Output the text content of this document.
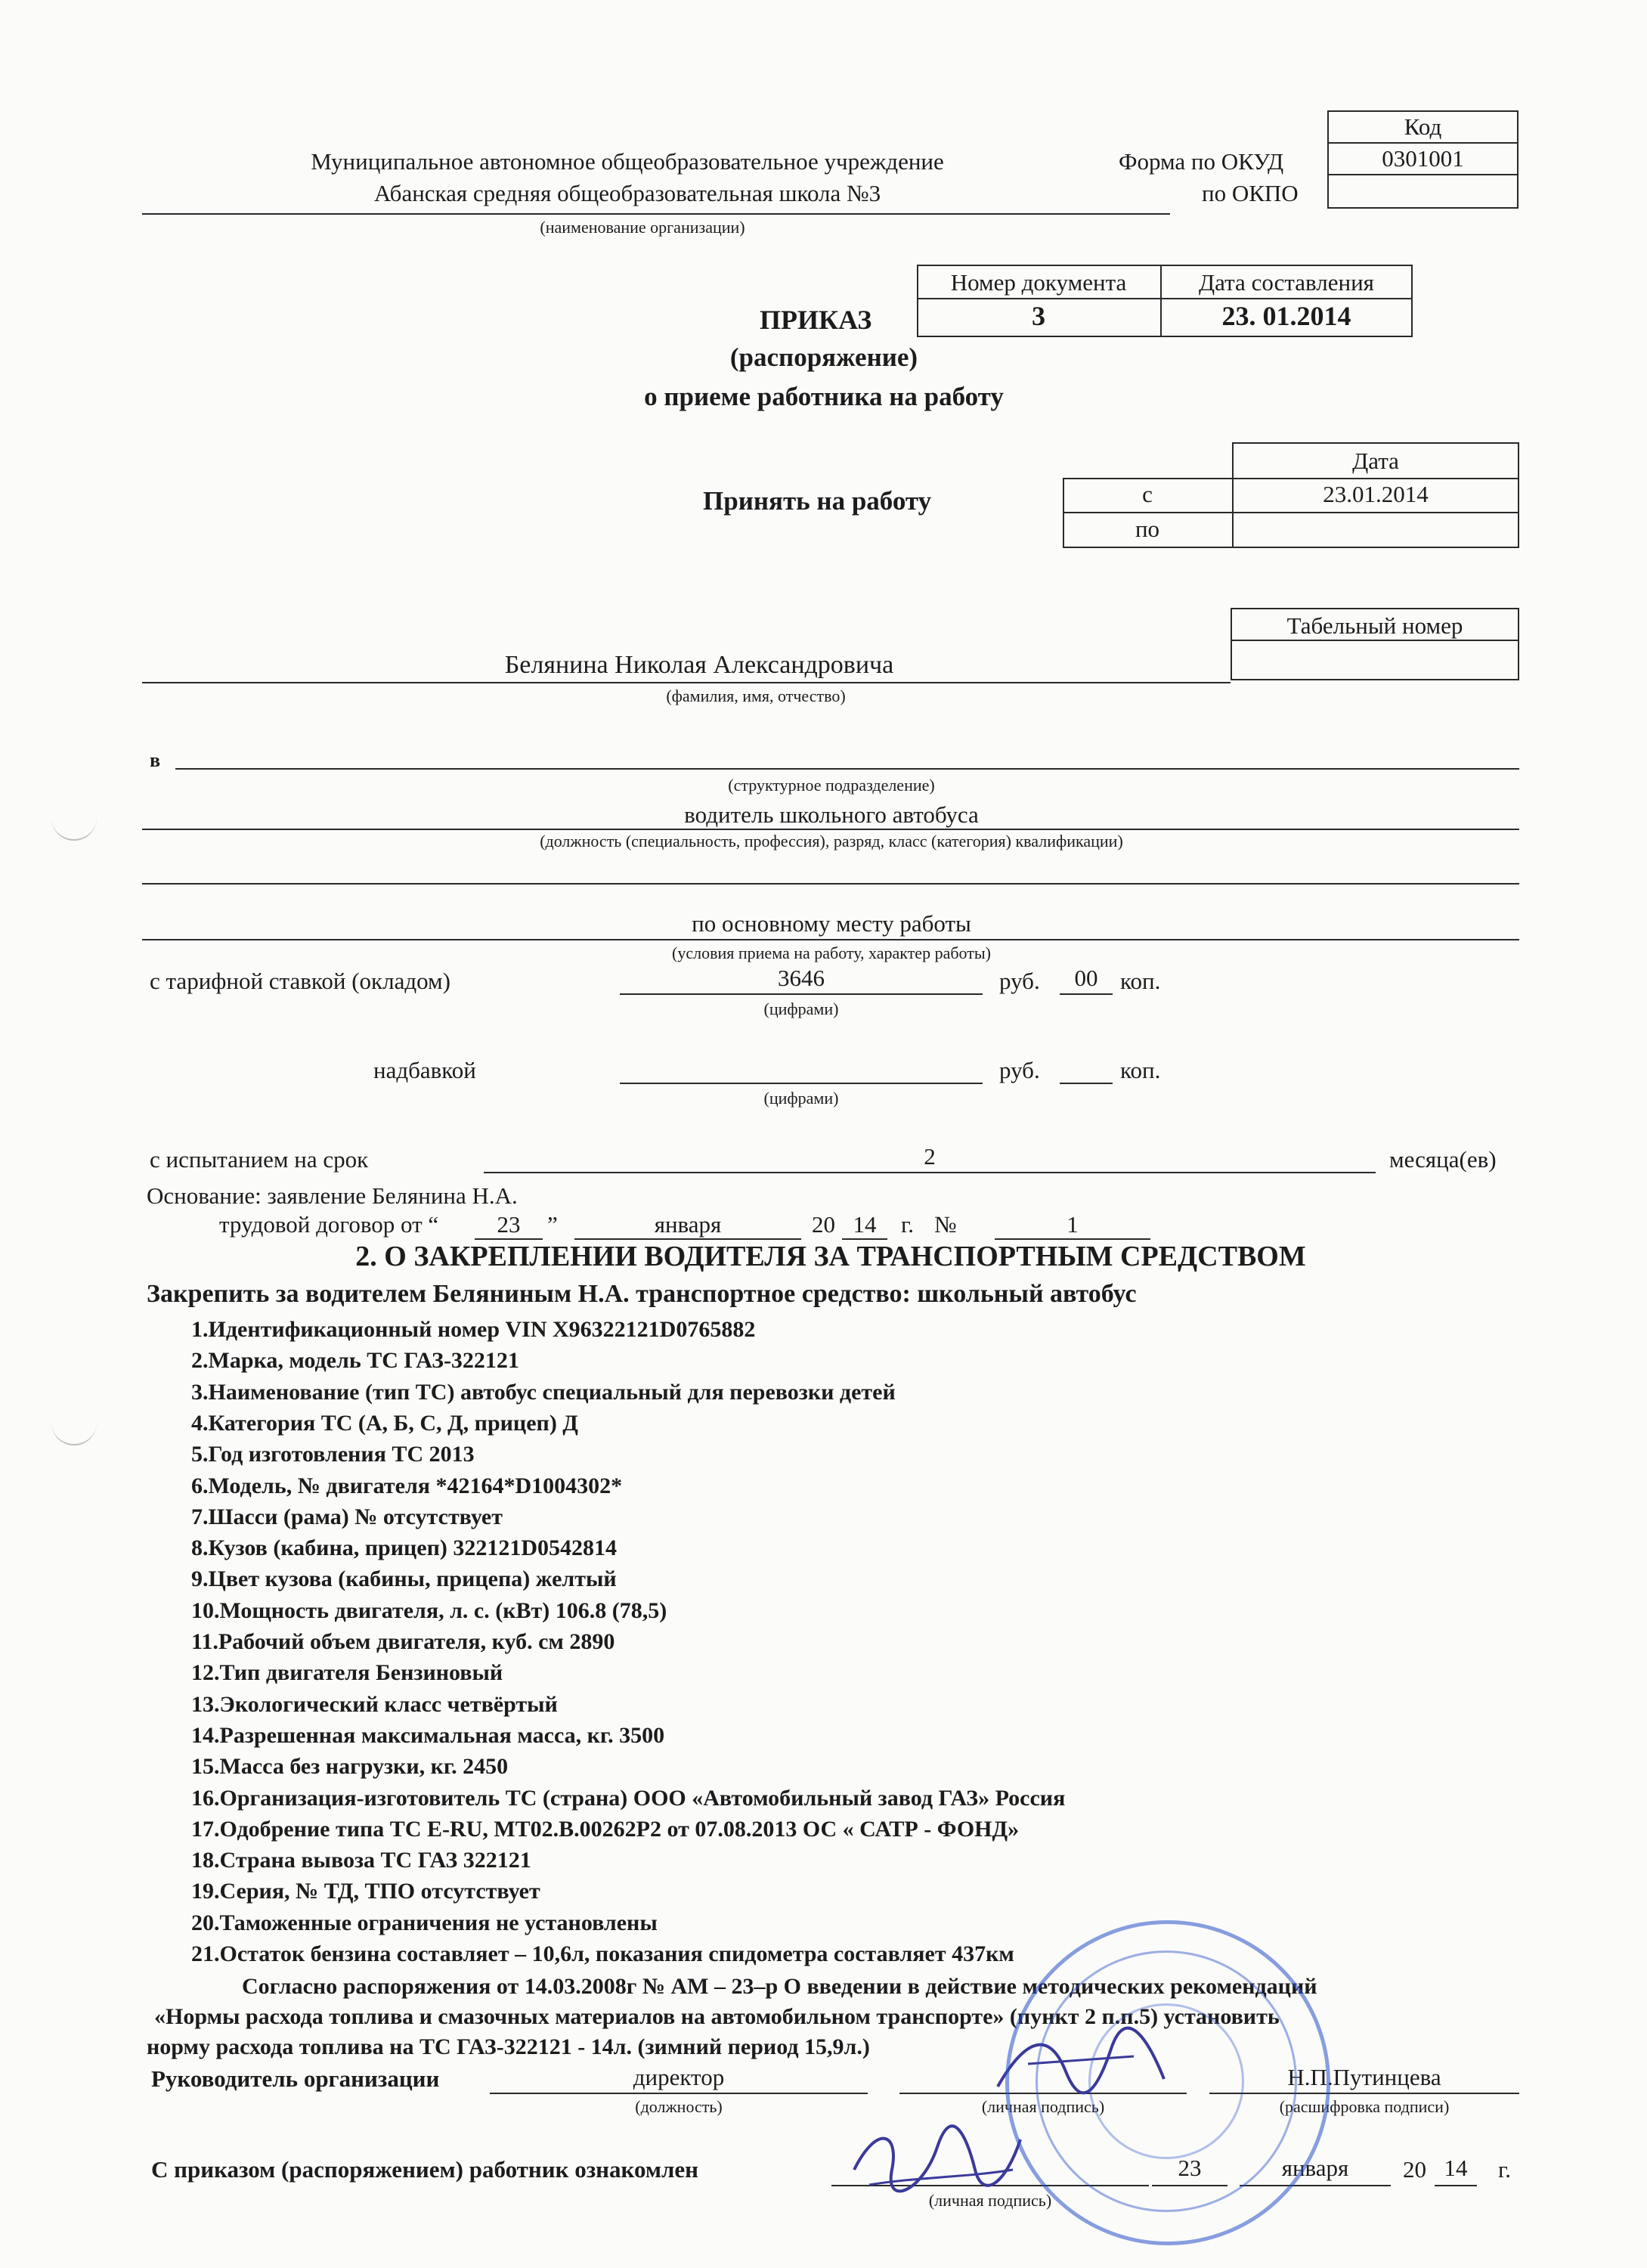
Муниципальное автономное общеобразовательное учреждение
Абанская средняя общеобразовательная школа №3
(наименование организации)
Форма по ОКУД
по ОКПО
Код
0301001
Номер документа	Дата составления
3	23. 01.2014
ПРИКАЗ
(распоряжение)
о приеме работника на работу
Принять на работу
Дата
с	23.01.2014
по
Табельный номер
Белянина Николая Александровича
(фамилия, имя, отчество)
в
(структурное подразделение)
водитель школьного автобуса
(должность (специальность, профессия), разряд, класс (категория) квалификации)
по основному месту работы
(условия приема на работу, характер работы)
с тарифной ставкой (окладом)	3646	руб.	00 коп.
(цифрами)
надбавкой	руб.	коп.
(цифрами)
с испытанием на срок	2	месяца(ев)
Основание: заявление Белянина Н.А.
трудовой договор от “	23	”	января	20 14	г. №	1
2. О ЗАКРЕПЛЕНИИ ВОДИТЕЛЯ ЗА ТРАНСПОРТНЫМ СРЕДСТВОМ
Закрепить за водителем Беляниным Н.А. транспортное средство: школьный автобус
1.Идентификационный номер VIN Х96322121D0765882
2.Марка, модель ТС ГАЗ-322121
3.Наименование (тип ТС) автобус специальный для перевозки детей
4.Категория ТС (А, Б, С, Д, прицеп) Д
5.Год изготовления ТС 2013
6.Модель, № двигателя *42164*D1004302*
7.Шасси (рама) № отсутствует
8.Кузов (кабина, прицеп) 322121D0542814
9.Цвет кузова (кабины, прицепа) желтый
10.Мощность двигателя, л. с. (кВт) 106.8 (78,5)
11.Рабочий объем двигателя, куб. см 2890
12.Тип двигателя Бензиновый
13.Экологический класс четвёртый
14.Разрешенная максимальная масса, кг. 3500
15.Масса без нагрузки, кг. 2450
16.Организация-изготовитель ТС (страна) ООО «Автомобильный завод ГАЗ» Россия
17.Одобрение типа ТС E-RU, МТ02.В.00262Р2 от 07.08.2013 ОС « САТР - ФОНД»
18.Страна вывоза ТС ГАЗ 322121
19.Серия, № ТД, ТПО отсутствует
20.Таможенные ограничения не установлены
21.Остаток бензина составляет – 10,6л, показания спидометра составляет 437км
Согласно распоряжения от 14.03.2008г № АМ – 23–р О введении в действие методических рекомендаций
«Нормы расхода топлива и смазочных материалов на автомобильном транспорте» (пункт 2 п.п.5) установить
норму расхода топлива на ТС ГАЗ-322121 - 14л. (зимний период 15,9л.)
Руководитель организации	директор	Н.П.Путинцева
(должность)	(личная подпись)	(расшифровка подписи)
С приказом (распоряжением) работник ознакомлен	23	января	20 14	г.
(личная подпись)
